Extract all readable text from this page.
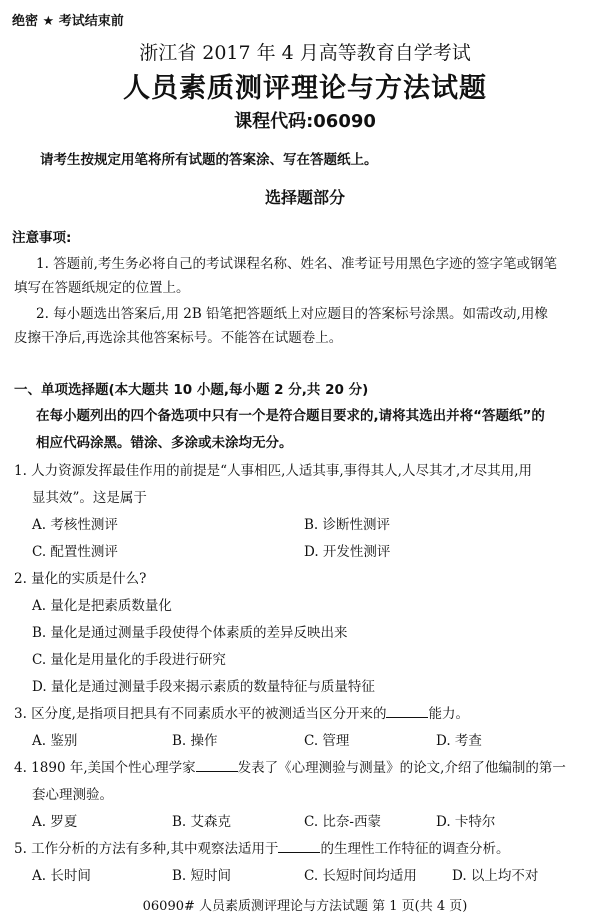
绝密 ★ 考试结束前
浙江省 2017 年 4 月高等教育自学考试
人员素质测评理论与方法试题
课程代码:06090
请考生按规定用笔将所有试题的答案涂、写在答题纸上。
选择题部分
注意事项:
1. 答题前,考生务必将自己的考试课程名称、姓名、准考证号用黑色字迹的签字笔或钢笔
填写在答题纸规定的位置上。
2. 每小题选出答案后,用 2B 铅笔把答题纸上对应题目的答案标号涂黑。如需改动,用橡
皮擦干净后,再选涂其他答案标号。不能答在试题卷上。
一、单项选择题(本大题共 10 小题,每小题 2 分,共 20 分)
在每小题列出的四个备选项中只有一个是符合题目要求的,请将其选出并将“答题纸”的
相应代码涂黑。错涂、多涂或未涂均无分。
1. 人力资源发挥最佳作用的前提是“人事相匹,人适其事,事得其人,人尽其才,才尽其用,用
显其效”。这是属于
A. 考核性测评	B. 诊断性测评
C. 配置性测评	D. 开发性测评
2. 量化的实质是什么?
A. 量化是把素质数量化
B. 量化是通过测量手段使得个体素质的差异反映出来
C. 量化是用量化的手段进行研究
D. 量化是通过测量手段来揭示素质的数量特征与质量特征
3. 区分度,是指项目把具有不同素质水平的被测适当区分开来的	能力。
A. 鉴别	B. 操作	C. 管理	D. 考查
4. 1890 年,美国个性心理学家	发表了《心理测验与测量》的论文,介绍了他编制的第一
套心理测验。
A. 罗夏	B. 艾森克	C. 比奈-西蒙	D. 卡特尔
5. 工作分析的方法有多种,其中观察法适用于	的生理性工作特征的调查分析。
A. 长时间	B. 短时间	C. 长短时间均适用	D. 以上均不对
06090# 人员素质测评理论与方法试题 第 1 页(共 4 页)
